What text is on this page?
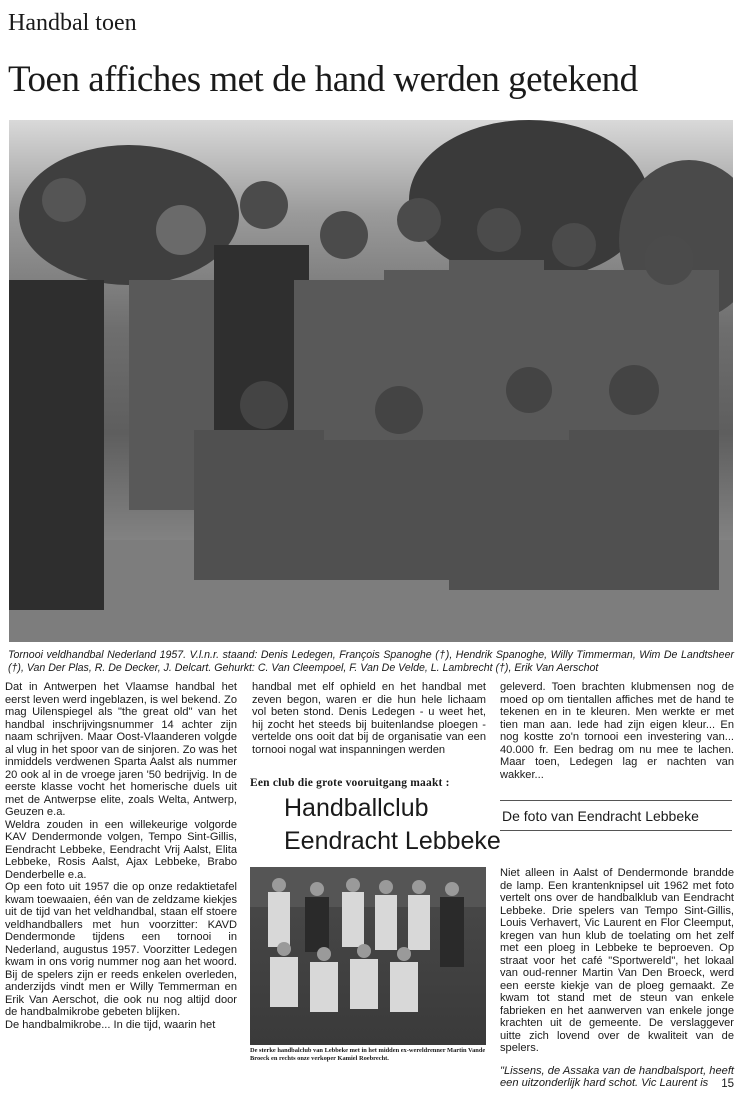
Handbal toen
Toen affiches met de hand werden getekend
Tornooi veldhandbal Nederland 1957. V.l.n.r. staand: Denis Ledegen, François Spanoghe (†), Hendrik Spanoghe, Willy Timmerman, Wim De Landtsheer (†), Van Der Plas, R. De Decker, J. Delcart. Gehurkt: C. Van Cleempoel, F. Van De Velde, L. Lambrecht (†), Erik Van Aerschot

Dat in Antwerpen het Vlaamse handbal het eerst leven werd ingeblazen, is wel bekend. Zo mag Uilenspiegel als "the great old" van het handbal inschrijvingsnummer 14 achter zijn naam schrijven. Maar Oost-Vlaanderen volgde al vlug in het spoor van de sinjoren. Zo was het inmiddels verdwenen Sparta Aalst als nummer 20 ook al in de vroege jaren '50 bedrijvig. In de eerste klasse vocht het homerische duels uit met de Antwerpse elite, zoals Welta, Antwerp, Geuzen e.a.

Weldra zouden in een willekeurige volgorde KAV Dendermonde volgen, Tempo Sint-Gillis, Eendracht Lebbeke, Eendracht Vrij Aalst, Elita Lebbeke, Rosis Aalst, Ajax Lebbeke, Brabo Denderbelle e.a.

Op een foto uit 1957 die op onze redaktietafel kwam toewaaien, één van de zeldzame kiekjes uit de tijd van het veldhandbal, staan elf stoere veldhandballers met hun voorzitter: KAVD Dendermonde tijdens een tornooi in Nederland, augustus 1957. Voorzitter Ledegen kwam in ons vorig nummer nog aan het woord. Bij de spelers zijn er reeds enkelen overleden, anderzijds vindt men er Willy Temmerman en Erik Van Aerschot, die ook nu nog altijd door de handbalmikrobe gebeten blijken.

De handbalmikrobe... In die tijd, waarin het

handbal met elf ophield en het handbal met zeven begon, waren er die hun hele lichaam vol beten stond. Denis Ledegen - u weet het, hij zocht het steeds bij buitenlandse ploegen - vertelde ons ooit dat bij de organisatie van een tornooi nogal wat inspanningen werden

Een club die grote vooruitgang maakt :
Handballclub
Eendracht Lebbeke
De sterke handbalclub van Lebbeke met in het midden ex-wereldrenner Martin Vande Broeck en rechts onze verkoper Kamiel Roebrecht.

geleverd. Toen brachten klubmensen nog de moed op om tientallen affiches met de hand te tekenen en in te kleuren. Men werkte er met tien man aan. Iede had zijn eigen kleur... En nog kostte zo'n tornooi een investering van... 40.000 fr. Een bedrag om nu mee te lachen. Maar toen, Ledegen lag er nachten van wakker...

De foto van Eendracht Lebbeke

Niet alleen in Aalst of Dendermonde brandde de lamp. Een krantenknipsel uit 1962 met foto vertelt ons over de handbalklub van Eendracht Lebbeke. Drie spelers van Tempo Sint-Gillis, Louis Verhavert, Vic Laurent en Flor Cleemput, kregen van hun klub de toelating om het zelf met een ploeg in Lebbeke te beproeven. Op straat voor het café "Sportwereld", het lokaal van oud-renner Martin Van Den Broeck, werd een eerste kiekje van de ploeg gemaakt. Ze kwam tot stand met de steun van enkele fabrieken en het aanwerven van enkele jonge krachten uit de gemeente. De verslaggever uitte zich lovend over de kwaliteit van de spelers.

"Lissens, de Assaka van de handbalsport, heeft een uitzonderlijk hard schot. Vic Laurent is	15
